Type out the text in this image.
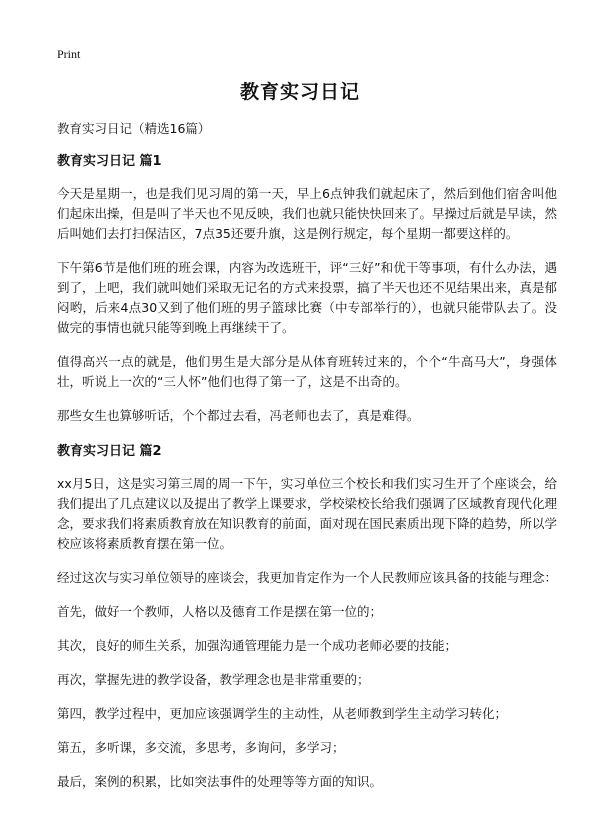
Print
教育实习日记

教育实习日记（精选16篇）

教育实习日记 篇1

今天是星期一，也是我们见习周的第一天，早上6点钟我们就起床了，然后到他们宿舍叫他们起床出操，但是叫了半天也不见反映，我们也就只能快快回来了。早操过后就是早读，然后叫她们去打扫保洁区，7点35还要升旗，这是例行规定，每个星期一都要这样的。

下午第6节是他们班的班会课，内容为改选班干，评“三好”和优干等事项，有什么办法，遇到了，上吧，我们就叫她们采取无记名的方式来投票，搞了半天也还不见结果出来，真是郁闷哟，后来4点30又到了他们班的男子篮球比赛（中专部举行的），也就只能带队去了。没做完的事情也就只能等到晚上再继续干了。

值得高兴一点的就是，他们男生是大部分是从体育班转过来的，个个“牛高马大”，身强体壮，听说上一次的“三人怀”他们也得了第一了，这是不出奇的。

那些女生也算够听话，个个都过去看，冯老师也去了，真是难得。

教育实习日记 篇2

xx月5日，这是实习第三周的周一下午，实习单位三个校长和我们实习生开了个座谈会，给我们提出了几点建议以及提出了教学上课要求，学校梁校长给我们强调了区域教育现代化理念，要求我们将素质教育放在知识教育的前面，面对现在国民素质出现下降的趋势，所以学校应该将素质教育摆在第一位。

经过这次与实习单位领导的座谈会，我更加肯定作为一个人民教师应该具备的技能与理念：

首先，做好一个教师，人格以及德育工作是摆在第一位的；

其次，良好的师生关系，加强沟通管理能力是一个成功老师必要的技能；

再次，掌握先进的教学设备，教学理念也是非常重要的；

第四，教学过程中，更加应该强调学生的主动性，从老师教到学生主动学习转化；

第五，多听课，多交流，多思考，多询问，多学习；

最后，案例的积累，比如突法事件的处理等等方面的知识。
